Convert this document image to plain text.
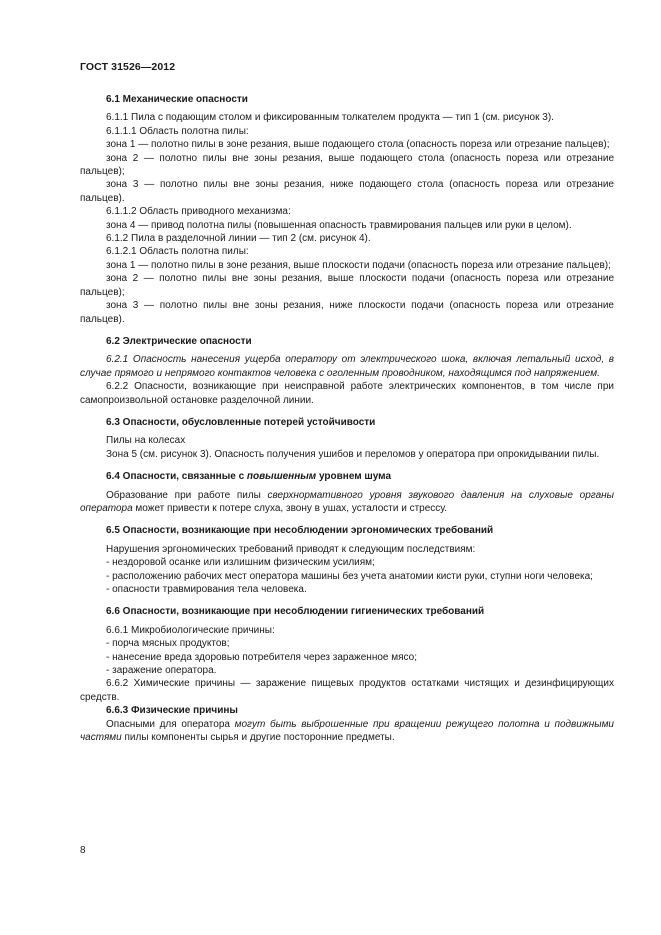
ГОСТ 31526—2012
6.1 Механические опасности

6.1.1 Пила с подающим столом и фиксированным толкателем продукта — тип 1 (см. рисунок 3).

6.1.1.1 Область полотна пилы:

зона 1 — полотно пилы в зоне резания, выше подающего стола (опасность пореза или отрезание пальцев);

зона 2 — полотно пилы вне зоны резания, выше подающего стола (опасность пореза или отрезание пальцев);

зона 3 — полотно пилы вне зоны резания, ниже подающего стола (опасность пореза или отрезание пальцев).

6.1.1.2 Область приводного механизма:

зона 4 — привод полотна пилы (повышенная опасность травмирования пальцев или руки в целом).

6.1.2 Пила в разделочной линии — тип 2 (см. рисунок 4).

6.1.2.1 Область полотна пилы:

зона 1 — полотно пилы в зоне резания, выше плоскости подачи (опасность пореза или отрезание пальцев);

зона 2 — полотно пилы вне зоны резания, выше плоскости подачи (опасность пореза или отрезание пальцев);

зона 3 — полотно пилы вне зоны резания, ниже плоскости подачи (опасность пореза или отрезание пальцев).

6.2 Электрические опасности

6.2.1 Опасность нанесения ущерба оператору от электрического шока, включая летальный исход, в случае прямого и непрямого контактов человека с оголенным проводником, находящимся под напряжением.

6.2.2 Опасности, возникающие при неисправной работе электрических компонентов, в том числе при самопроизвольной остановке разделочной линии.

6.3 Опасности, обусловленные потерей устойчивости

Пилы на колесах

Зона 5 (см. рисунок 3). Опасность получения ушибов и переломов у оператора при опрокидывании пилы.

6.4 Опасности, связанные с повышенным уровнем шума

Образование при работе пилы сверхнормативного уровня звукового давления на слуховые органы оператора может привести к потере слуха, звону в ушах, усталости и стрессу.

6.5 Опасности, возникающие при несоблюдении эргономических требований

Нарушения эргономических требований приводят к следующим последствиям:

- нездоровой осанке или излишним физическим усилиям;

- расположению рабочих мест оператора машины без учета анатомии кисти руки, ступни ноги человека;

- опасности травмирования тела человека.

6.6 Опасности, возникающие при несоблюдении гигиенических требований

6.6.1 Микробиологические причины:

- порча мясных продуктов;

- нанесение вреда здоровью потребителя через зараженное мясо;

- заражение оператора.

6.6.2 Химические причины — заражение пищевых продуктов остатками чистящих и дезинфицирующих средств.

6.6.3 Физические причины

Опасными для оператора могут быть выброшенные при вращении режущего полотна и подвижными частями пилы компоненты сырья и другие посторонние предметы.

8
